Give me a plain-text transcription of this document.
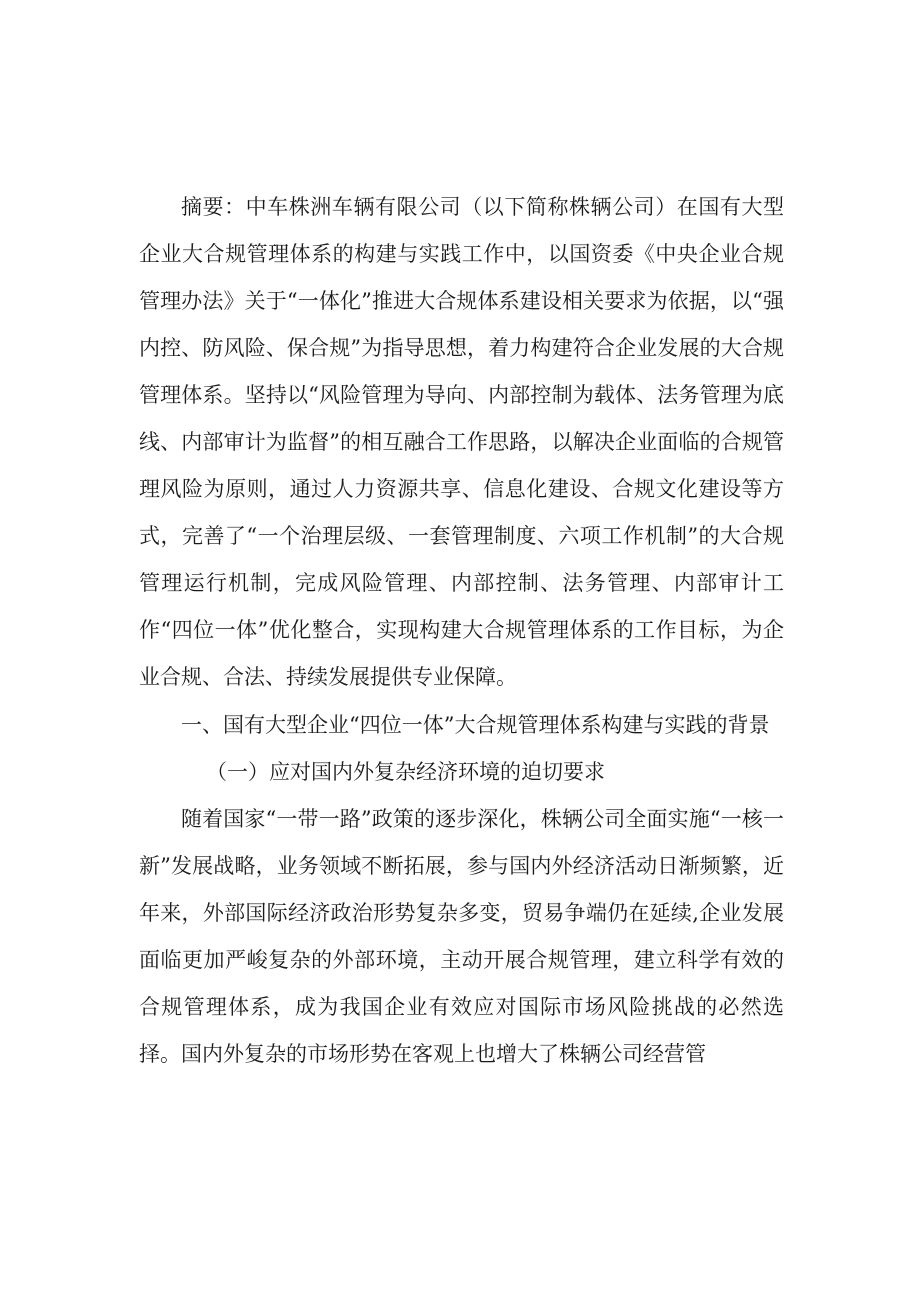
摘要：中车株洲车辆有限公司（以下简称株辆公司）在国有大型企业大合规管理体系的构建与实践工作中，以国资委《中央企业合规管理办法》关于“一体化”推进大合规体系建设相关要求为依据，以“强内控、防风险、保合规”为指导思想，着力构建符合企业发展的大合规管理体系。坚持以“风险管理为导向、内部控制为载体、法务管理为底线、内部审计为监督”的相互融合工作思路，以解决企业面临的合规管理风险为原则，通过人力资源共享、信息化建设、合规文化建设等方式，完善了“一个治理层级、一套管理制度、六项工作机制”的大合规管理运行机制，完成风险管理、内部控制、法务管理、内部审计工作“四位一体”优化整合，实现构建大合规管理体系的工作目标，为企业合规、合法、持续发展提供专业保障。

一、国有大型企业“四位一体”大合规管理体系构建与实践的背景

（一）应对国内外复杂经济环境的迫切要求

随着国家“一带一路”政策的逐步深化，株辆公司全面实施“一核一新”发展战略，业务领域不断拓展，参与国内外经济活动日渐频繁，近年来，外部国际经济政治形势复杂多变，贸易争端仍在延续,企业发展面临更加严峻复杂的外部环境，主动开展合规管理，建立科学有效的合规管理体系，成为我国企业有效应对国际市场风险挑战的必然选择。国内外复杂的市场形势在客观上也增大了株辆公司经营管
